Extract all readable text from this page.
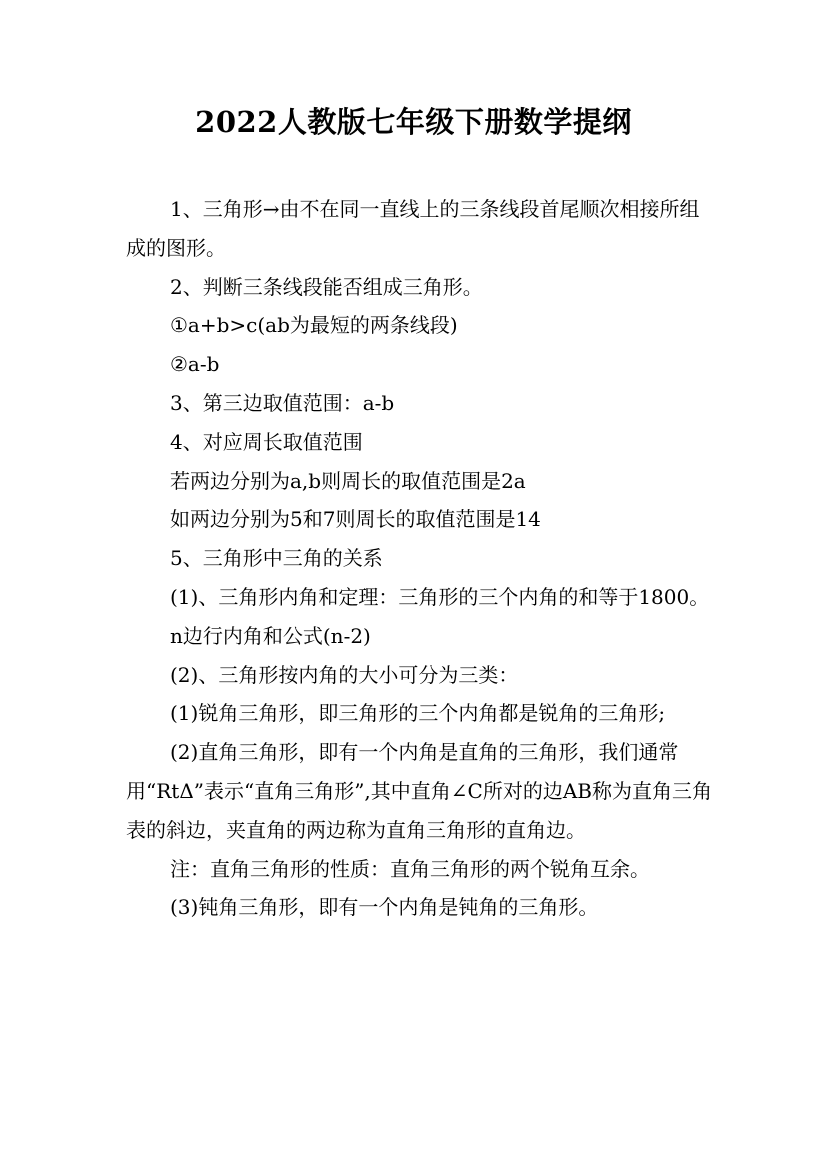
2022人教版七年级下册数学提纲

1、三角形→由不在同一直线上的三条线段首尾顺次相接所组成的图形。

2、判断三条线段能否组成三角形。

①a+b>c(ab为最短的两条线段)

②a-b

3、第三边取值范围：a-b

4、对应周长取值范围

若两边分别为a,b则周长的取值范围是2a

如两边分别为5和7则周长的取值范围是14

5、三角形中三角的关系

(1)、三角形内角和定理：三角形的三个内角的和等于1800。

n边行内角和公式(n-2)

(2)、三角形按内角的大小可分为三类：

(1)锐角三角形，即三角形的三个内角都是锐角的三角形;

(2)直角三角形，即有一个内角是直角的三角形，我们通常用“RtΔ”表示“直角三角形”,其中直角∠C所对的边AB称为直角三角表的斜边，夹直角的两边称为直角三角形的直角边。

注：直角三角形的性质：直角三角形的两个锐角互余。

(3)钝角三角形，即有一个内角是钝角的三角形。
